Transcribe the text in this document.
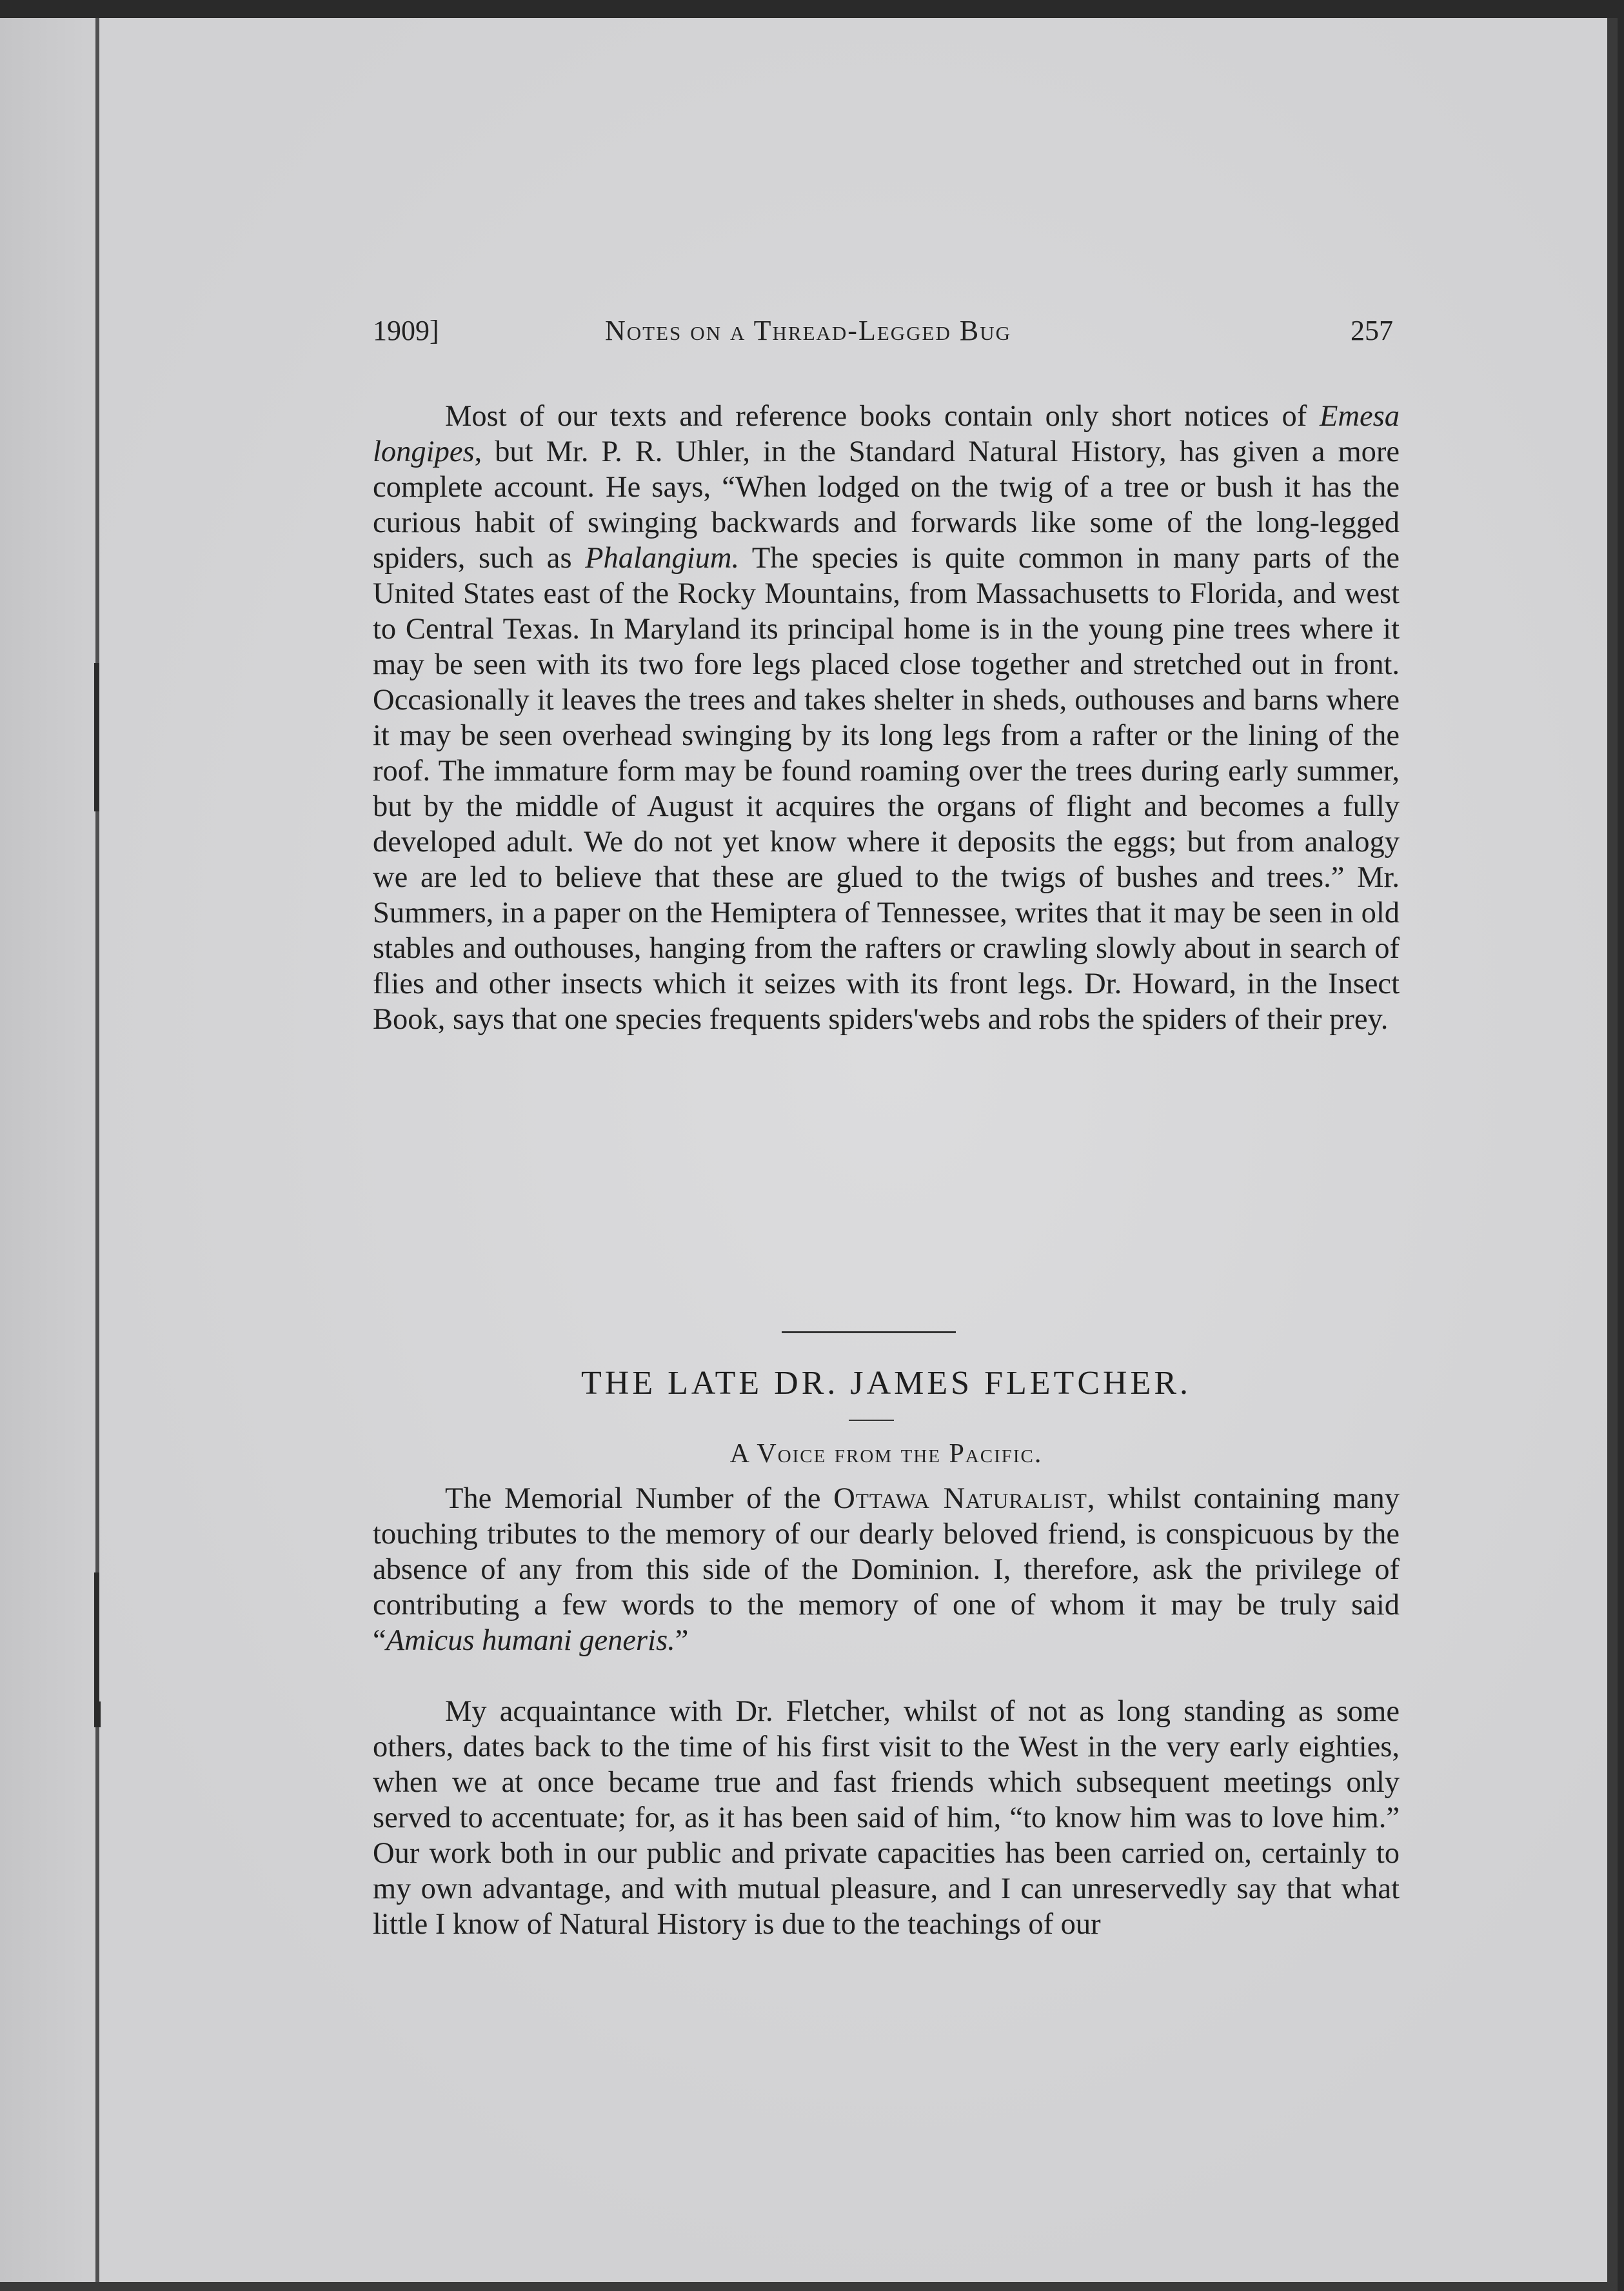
1909]	Notes on a Thread-Legged Bug	257

Most of our texts and reference books contain only short notices of Emesa longipes, but Mr. P. R. Uhler, in the Standard Natural History, has given a more complete account. He says, “When lodged on the twig of a tree or bush it has the curious habit of swinging backwards and forwards like some of the long-legged spiders, such as Phalangium. The species is quite common in many parts of the United States east of the Rocky Mountains, from Massachusetts to Florida, and west to Central Texas. In Maryland its principal home is in the young pine trees where it may be seen with its two fore legs placed close together and stretched out in front. Occasionally it leaves the trees and takes shelter in sheds, outhouses and barns where it may be seen overhead swinging by its long legs from a rafter or the lining of the roof. The immature form may be found roaming over the trees during early summer, but by the middle of August it acquires the organs of flight and becomes a fully developed adult. We do not yet know where it deposits the eggs; but from analogy we are led to believe that these are glued to the twigs of bushes and trees.” Mr. Summers, in a paper on the Hemiptera of Tennessee, writes that it may be seen in old stables and outhouses, hanging from the rafters or crawling slowly about in search of flies and other insects which it seizes with its front legs. Dr. Howard, in the Insect Book, says that one species frequents spiders'webs and robs the spiders of their prey.

THE LATE DR. JAMES FLETCHER.
A Voice from the Pacific.

The Memorial Number of the Ottawa Naturalist, whilst containing many touching tributes to the memory of our dearly beloved friend, is conspicuous by the absence of any from this side of the Dominion. I, therefore, ask the privilege of contributing a few words to the memory of one of whom it may be truly said “Amicus humani generis.”

My acquaintance with Dr. Fletcher, whilst of not as long standing as some others, dates back to the time of his first visit to the West in the very early eighties, when we at once became true and fast friends which subsequent meetings only served to accentuate; for, as it has been said of him, “to know him was to love him.” Our work both in our public and private capacities has been carried on, certainly to my own advantage, and with mutual pleasure, and I can unreservedly say that what little I know of Natural History is due to the teachings of our
